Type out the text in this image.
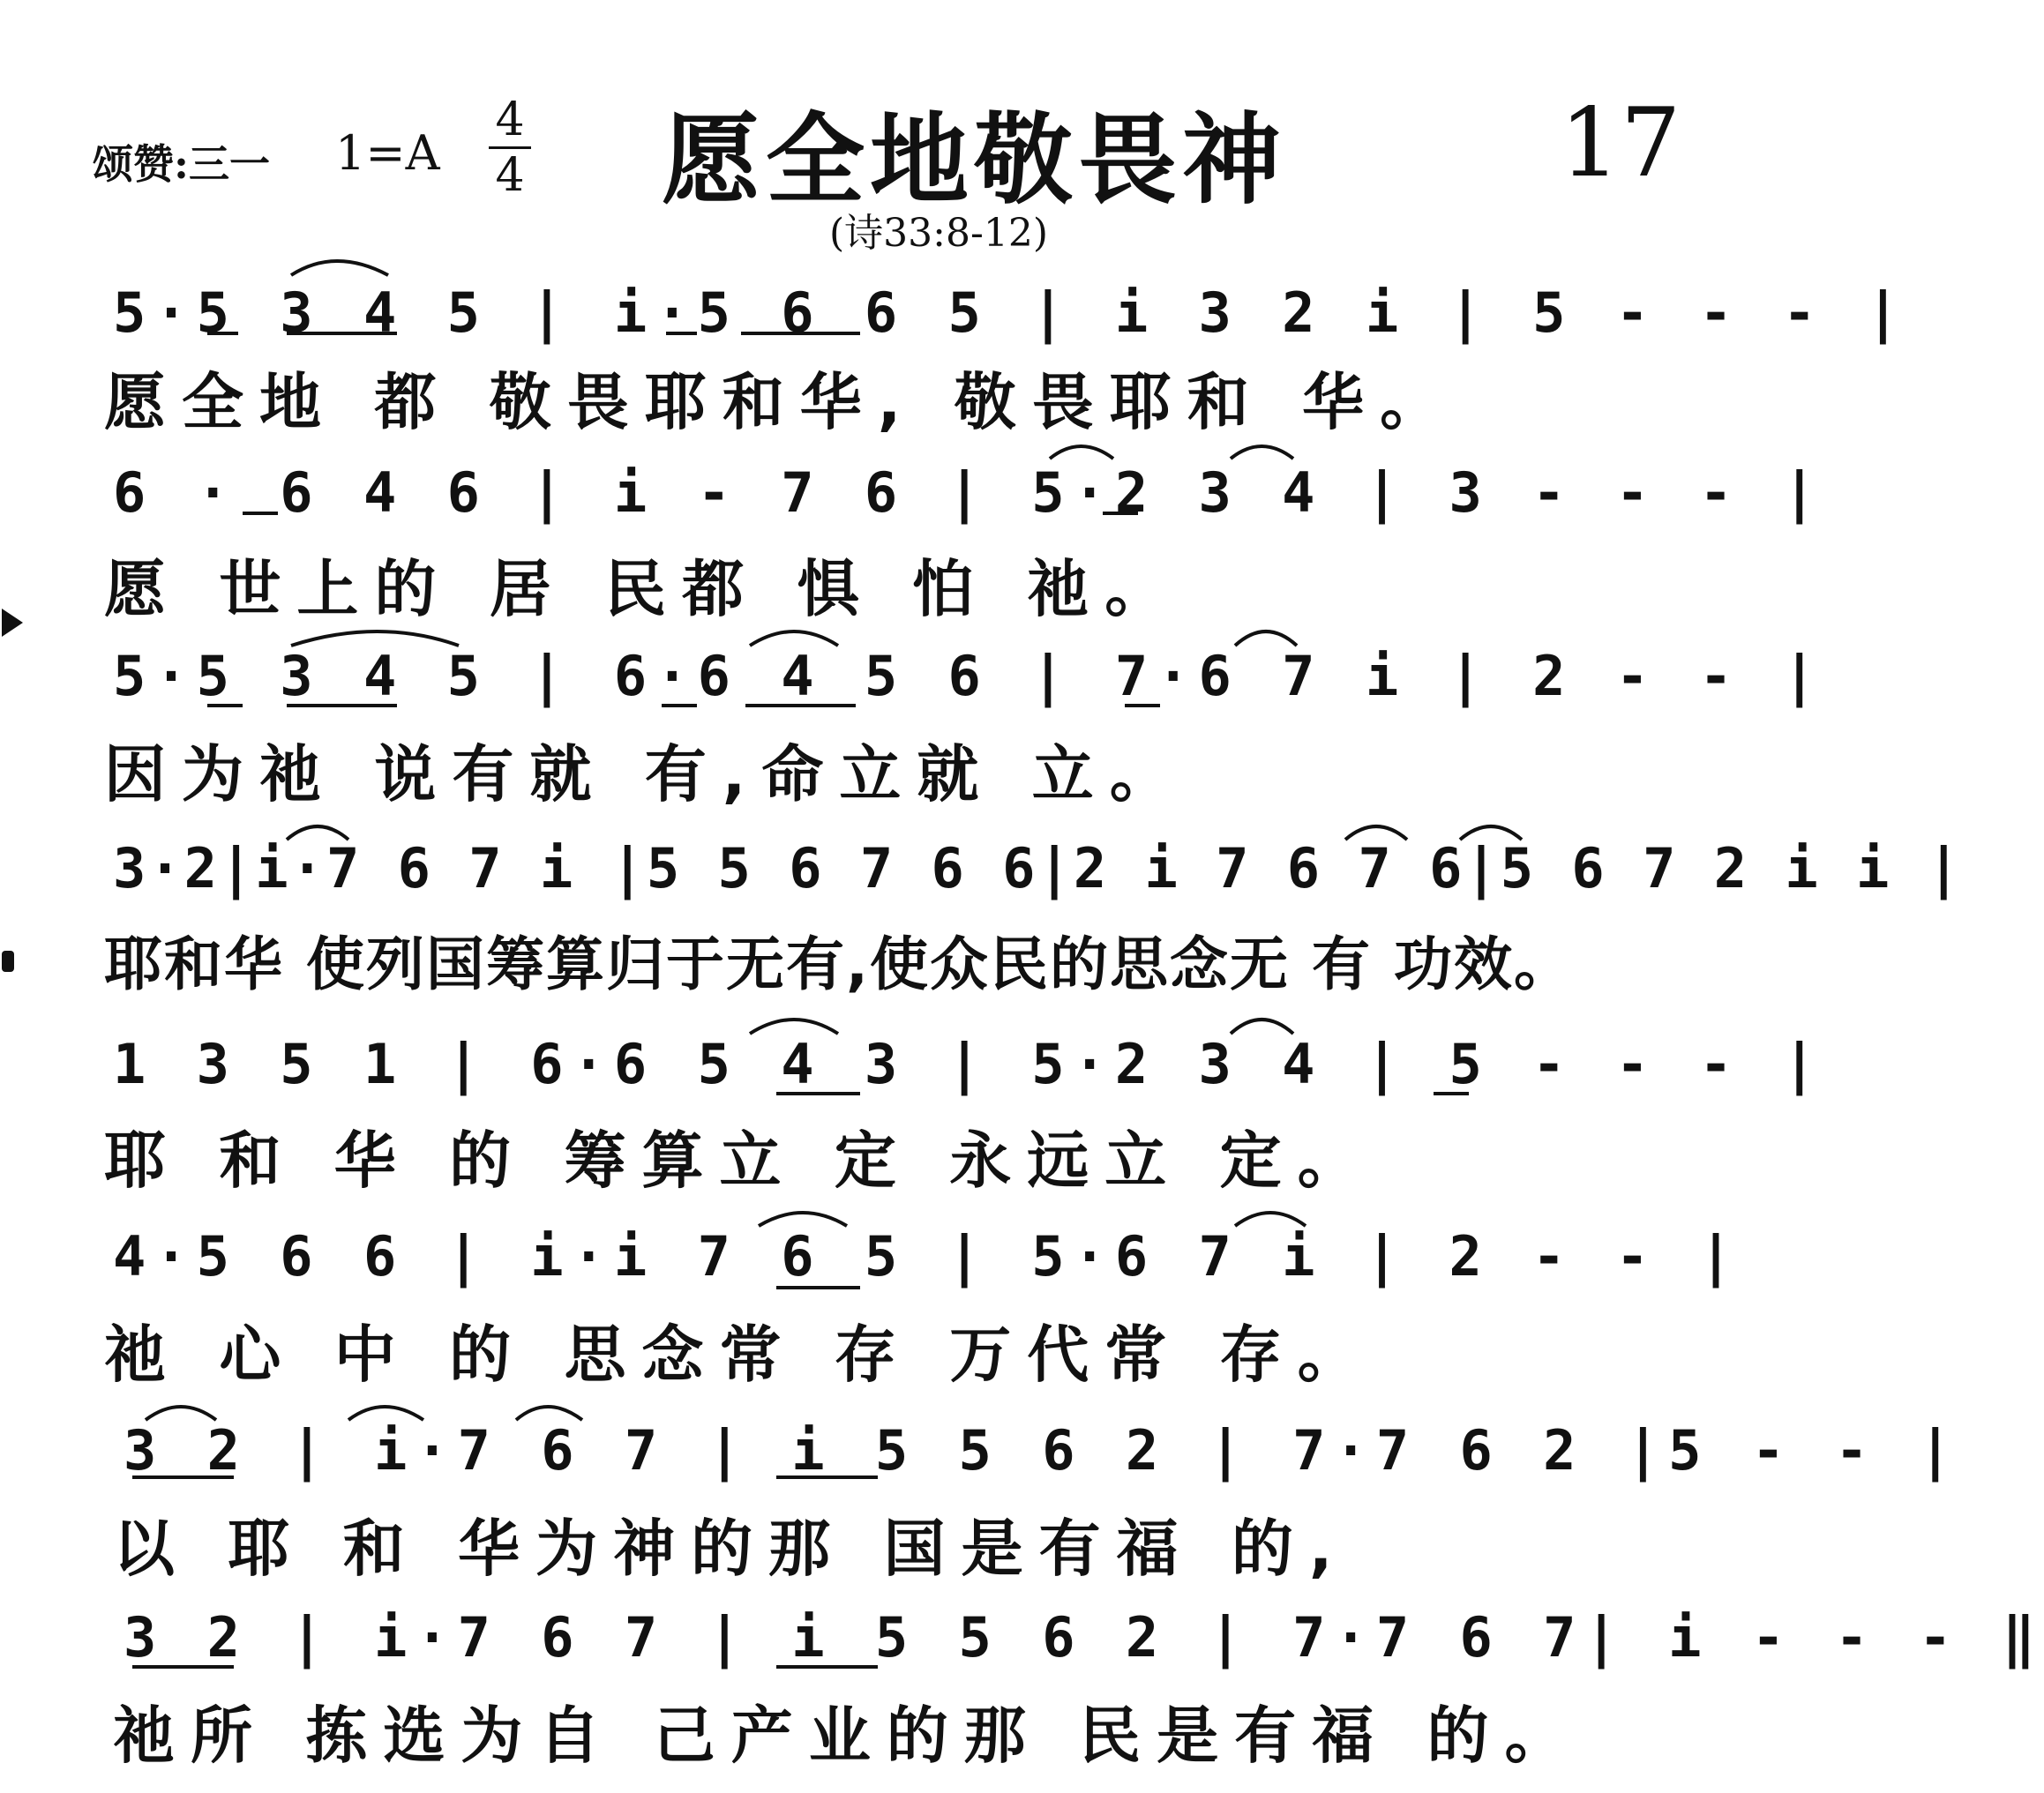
颂赞:三一 1=A
4
4 愿全地敬畏神	17
(诗33:8-12)
5·5 3 4 5 | i·5 6 6 5 | i 3 2 i | 5 - - - |
愿全地 都 敬畏耶和华, 敬畏耶和 华。
6 · 6 4 6 | i - 7 6 | 5·2 3 4 | 3 - - - |
愿 世上的 居 民都 惧 怕 祂。
5·5 3 4 5 | 6·6 4 5 6 | 7·6 7 i | 2 - - |
因为祂 说有就 有,命立就 立。
3·2|i·7 6 7 i |5 5 6 7 6 6|2 i 7 6 7 6|5 6 7 2 i i |
耶和华 使列国筹算归于无有,使众民的思念无 有 功效。
1 3 5 1 | 6·6 5 4 3 | 5·2 3 4 | 5 - - - |
耶 和 华 的 筹算立 定 永远立 定。
4·5 6 6 | i·i 7 6 5 | 5·6 7 i | 2 - - |
祂 心 中 的 思念常 存 万代常 存。
3 2 | i·7 6 7 | i 5 5 6 2 | 7·7 6 2 |5 - - |
以 耶 和 华为神的那 国是有福 的,
3 2 | i·7 6 7 | i 5 5 6 2 | 7·7 6 7| i - - - ‖
祂所 拣选为自 己产业的那 民是有福 的。
